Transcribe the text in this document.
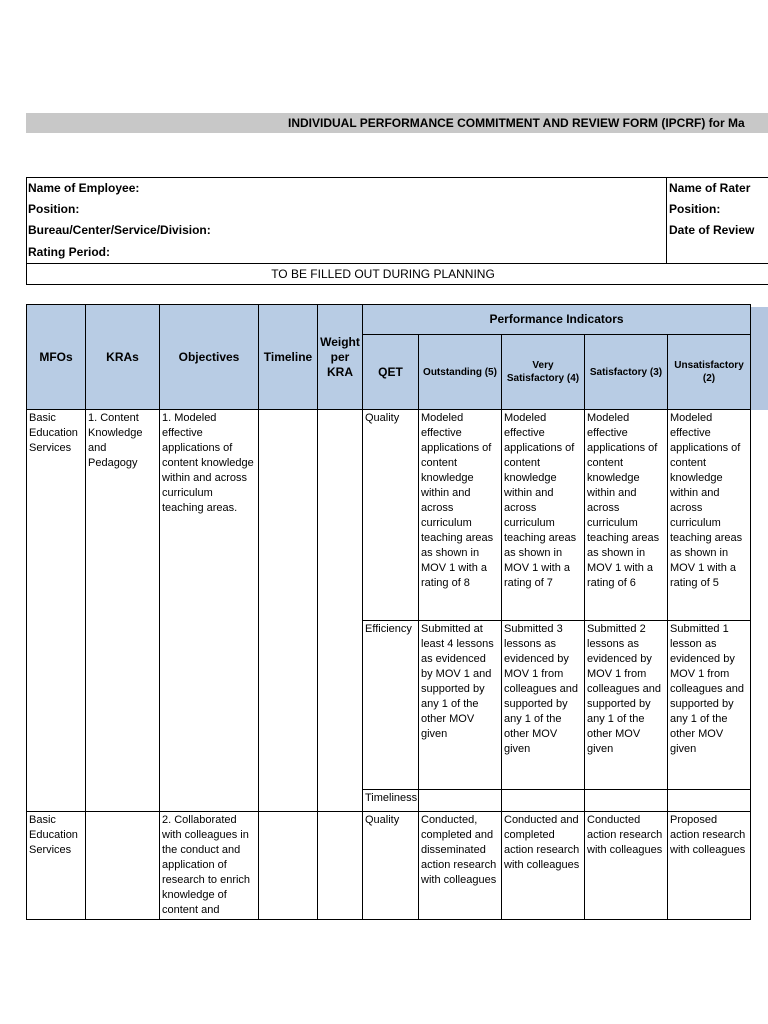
INDIVIDUAL PERFORMANCE COMMITMENT AND REVIEW FORM (IPCRF) for Ma
Name of Employee:
Position:
Bureau/Center/Service/Division:
Rating Period:
Name of Rater
Position:
Date of Review
TO BE FILLED OUT DURING PLANNING
MFOs	KRAs	Objectives	Timeline	Weight per KRA	Performance Indicators				
					QET	Outstanding (5)	Very Satisfactory (4)	Satisfactory (3)	Unsatisfactory (2)
Basic Education Services	1. Content Knowledge and Pedagogy	1. Modeled effective applications of content knowledge within and across curriculum teaching areas.			Quality	Modeled effective applications of content knowledge within and across curriculum teaching areas as shown in MOV 1 with a rating of 8	Modeled effective applications of content knowledge within and across curriculum teaching areas as shown in MOV 1 with a rating of 7	Modeled effective applications of content knowledge within and across curriculum teaching areas as shown in MOV 1 with a rating of 6	Modeled effective applications of content knowledge within and across curriculum teaching areas as shown in MOV 1 with a rating of 5
					Efficiency	Submitted at least 4 lessons as evidenced by MOV 1 and supported by any 1 of the other MOV given	Submitted 3 lessons as evidenced by MOV 1 from colleagues and supported by any 1 of the other MOV given	Submitted 2 lessons as evidenced by MOV 1 from colleagues and supported by any 1 of the other MOV given	Submitted 1 lesson as evidenced by MOV 1 from colleagues and supported by any 1 of the other MOV given
					Timeliness				
Basic Education Services		2. Collaborated with colleagues in the conduct and application of research to enrich knowledge of content and			Quality	Conducted, completed and disseminated action research with colleagues	Conducted and completed action research with colleagues	Conducted action research with colleagues	Proposed action research with colleagues
